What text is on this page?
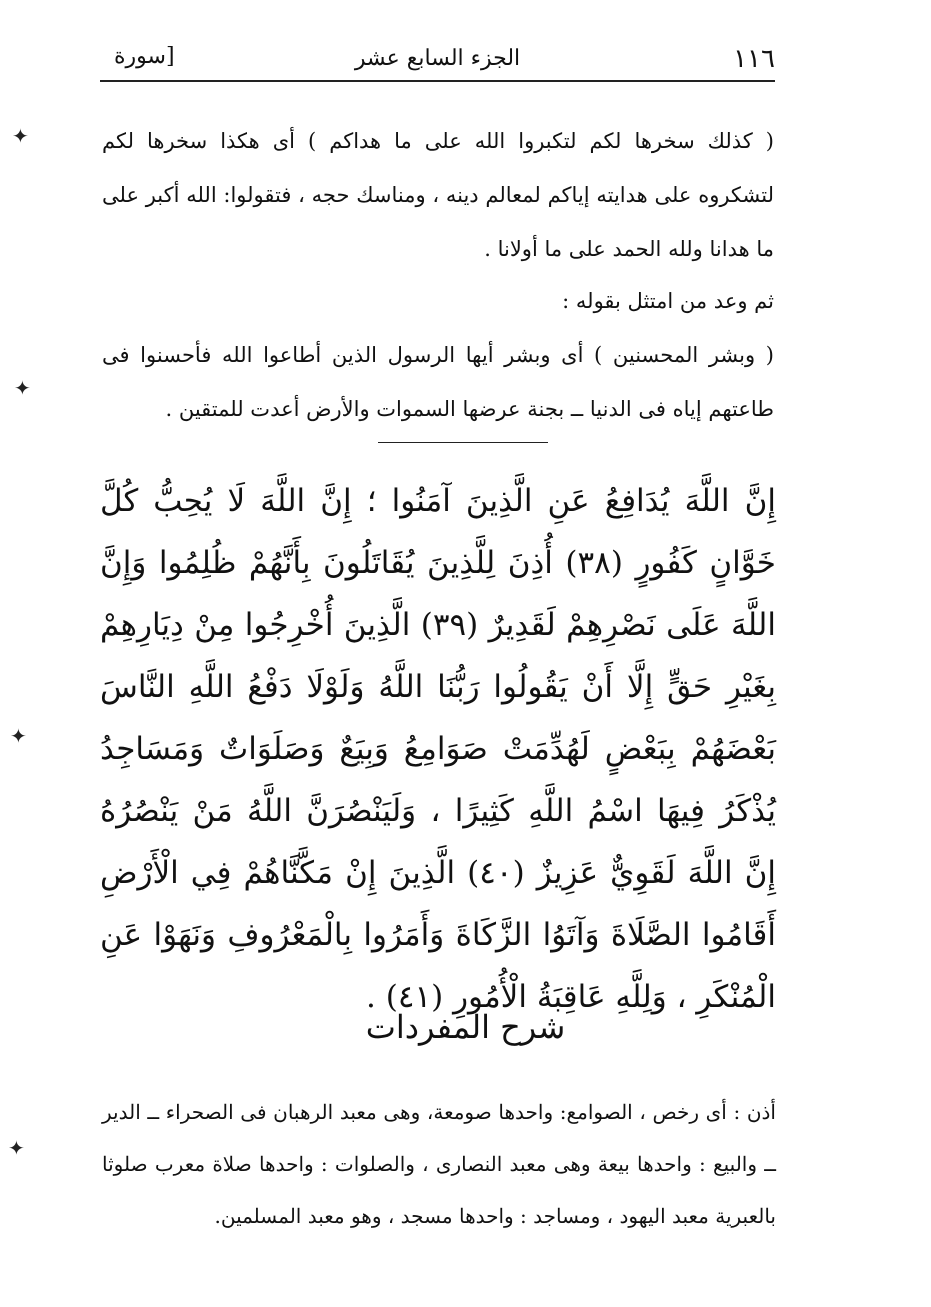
١١٦
الجزء السابع عشر
[سورة
( كذلك سخرها لكم لتكبروا الله على ما هداكم ) أى هكذا سخرها لكم لتشكروه على هدايته إياكم لمعالم دينه ، ومناسك حجه ، فتقولوا: الله أكبر على ما هدانا ولله الحمد على ما أولانا .
ثم وعد من امتثل بقوله :
( وبشر المحسنين ) أى وبشر أيها الرسول الذين أطاعوا الله فأحسنوا فى طاعتهم إياه فى الدنيا ــ بجنة عرضها السموات والأرض أعدت للمتقين .
إِنَّ اللَّهَ يُدَافِعُ عَنِ الَّذِينَ آمَنُوا ؛ إِنَّ اللَّهَ لَا يُحِبُّ كُلَّ خَوَّانٍ كَفُورٍ (٣٨) أُذِنَ لِلَّذِينَ يُقَاتَلُونَ بِأَنَّهُمْ ظُلِمُوا وَإِنَّ اللَّهَ عَلَى نَصْرِهِمْ لَقَدِيرٌ (٣٩) الَّذِينَ أُخْرِجُوا مِنْ دِيَارِهِمْ بِغَيْرِ حَقٍّ إِلَّا أَنْ يَقُولُوا رَبُّنَا اللَّهُ وَلَوْلَا دَفْعُ اللَّهِ النَّاسَ بَعْضَهُمْ بِبَعْضٍ لَهُدِّمَتْ صَوَامِعُ وَبِيَعٌ وَصَلَوَاتٌ وَمَسَاجِدُ يُذْكَرُ فِيهَا اسْمُ اللَّهِ كَثِيرًا ، وَلَيَنْصُرَنَّ اللَّهُ مَنْ يَنْصُرُهُ إِنَّ اللَّهَ لَقَوِيٌّ عَزِيزٌ (٤٠) الَّذِينَ إِنْ مَكَّنَّاهُمْ فِي الْأَرْضِ أَقَامُوا الصَّلَاةَ وَآتَوُا الزَّكَاةَ وَأَمَرُوا بِالْمَعْرُوفِ وَنَهَوْا عَنِ الْمُنْكَرِ ، وَلِلَّهِ عَاقِبَةُ الْأُمُورِ (٤١) .
شرح المفردات
أذن : أى رخص ، الصوامع: واحدها صومعة، وهى معبد الرهبان فى الصحراء ــ الدير ــ والبيع : واحدها بيعة وهى معبد النصارى ، والصلوات : واحدها صلاة معرب صلوثا بالعبرية معبد اليهود ، ومساجد : واحدها مسجد ، وهو معبد المسلمين.
✦
✦
✦
✦
